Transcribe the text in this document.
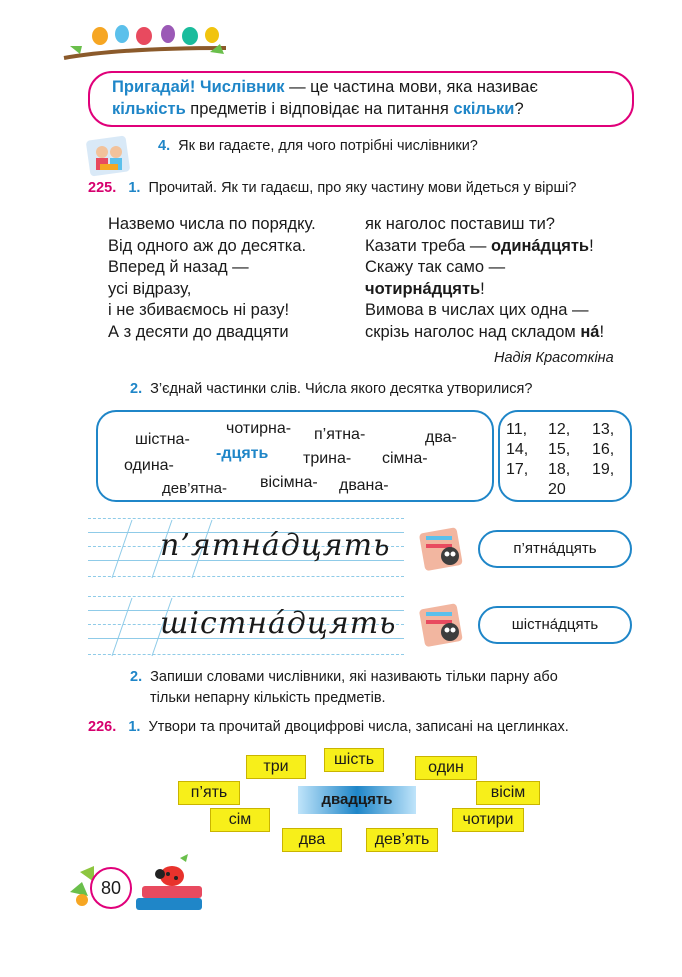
Пригадай! Числівник — це частина мови, яка називає
кількість предметів і відповідає на питання скільки?
4. Як ви гадаєте, для чого потрібні числівники?
225. 1. Прочитай. Як ти гадаєш, про яку частину мови йдеться у вірші?
Назвемо числа по порядку.
Від одного аж до десятка.
Вперед й назад —
усі відразу,
і не збиваємось ні разу!
А з десяти до двадцяти
як наголос поставиш ти?
Казати треба — одинáдцять!
Скажу так само —
чотирнáдцять!
Вимова в числах цих одна —
скрізь наголос над складом нá!
Надія Красоткіна
2. З’єднай частинки слів. Чи́сла якого десятка утворилися?
шістна-
чотирна- п’ятна-	два-
одина-
-дцять трина- сімна-
дев’ятна- вісімна- двана-
11, 12, 13,
14, 15, 16,
17, 18, 19,
20
п’ятна́дцять	п’ятна́дцять
шістна́дцять	шістна́дцять
2. Запиши словами числівники, які називають тільки парну або
тільки непарну кількість предметів.
226. 1. Утвори та прочитай двоцифрові числа, записані на цеглинках.
двадцять
три	шість	один
п’ять	вісім
сім	чотири
два	дев’ять
80
